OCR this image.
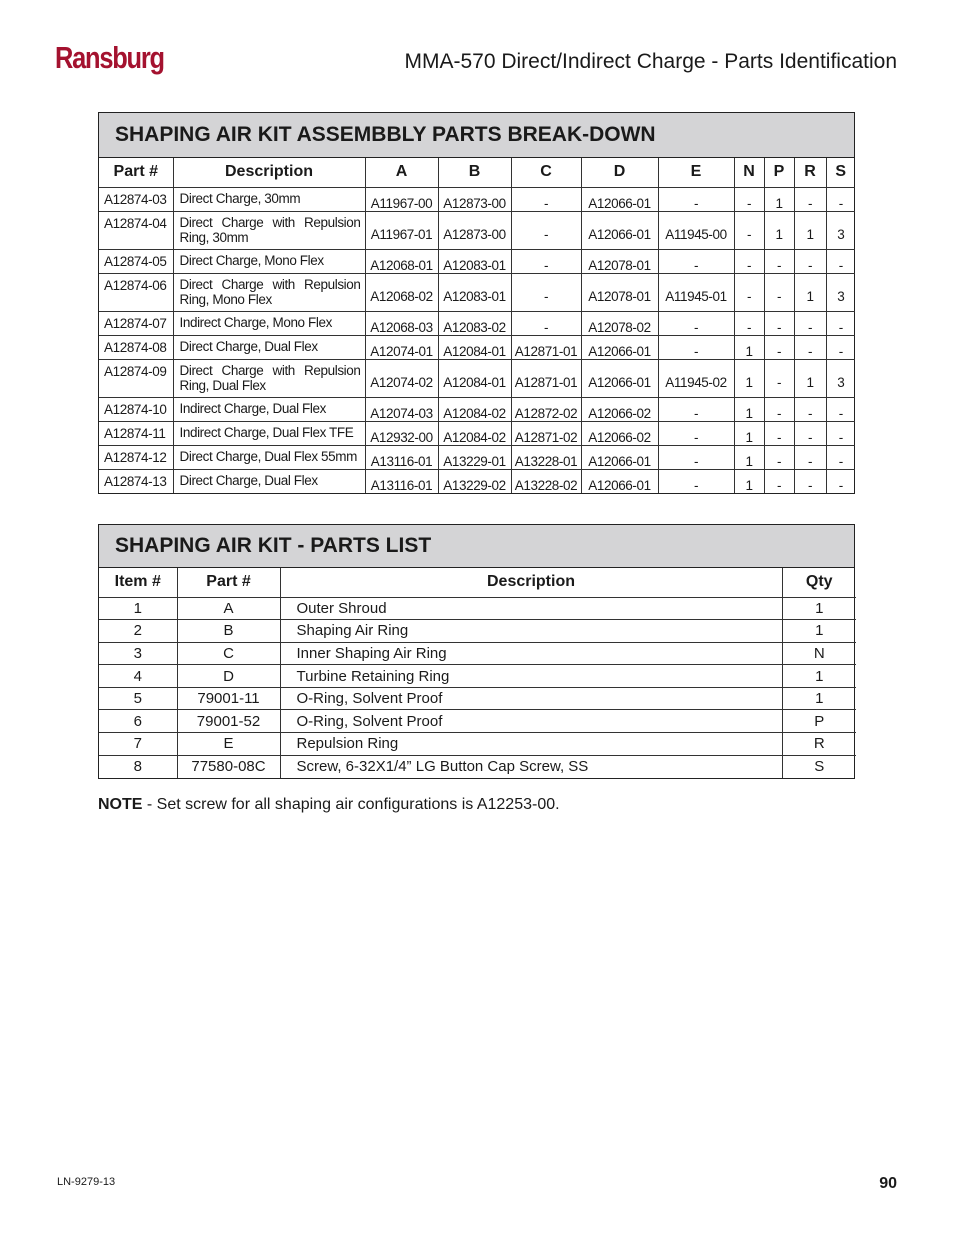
Ransburg	MMA-570 Direct/Indirect Charge - Parts Identification
SHAPING AIR KIT ASSEMBBLY PARTS BREAK-DOWN
Part #	Description	A	B	C	D	E	N	P	R	S
A12874-03	Direct Charge, 30mm	A11967-00	A12873-00	-	A12066-01	-	-	1	-	-
A12874-04	Direct Charge with Repulsion Ring, 30mm	A11967-01	A12873-00	-	A12066-01	A11945-00	-	1	1	3
A12874-05	Direct Charge, Mono Flex	A12068-01	A12083-01	-	A12078-01	-	-	-	-	-
A12874-06	Direct Charge with Repulsion Ring, Mono Flex	A12068-02	A12083-01	-	A12078-01	A11945-01	-	-	1	3
A12874-07	Indirect Charge, Mono Flex	A12068-03	A12083-02	-	A12078-02	-	-	-	-	-
A12874-08	Direct Charge, Dual Flex	A12074-01	A12084-01	A12871-01	A12066-01	-	1	-	-	-
A12874-09	Direct Charge with Repulsion Ring, Dual Flex	A12074-02	A12084-01	A12871-01	A12066-01	A11945-02	1	-	1	3
A12874-10	Indirect Charge, Dual Flex	A12074-03	A12084-02	A12872-02	A12066-02	-	1	-	-	-
A12874-11	Indirect Charge, Dual Flex TFE	A12932-00	A12084-02	A12871-02	A12066-02	-	1	-	-	-
A12874-12	Direct Charge, Dual Flex 55mm	A13116-01	A13229-01	A13228-01	A12066-01	-	1	-	-	-
A12874-13	Direct Charge, Dual Flex	A13116-01	A13229-02	A13228-02	A12066-01	-	1	-	-	-
SHAPING AIR KIT - PARTS LIST
Item #	Part #	Description	Qty
1	A	Outer Shroud	1
2	B	Shaping Air Ring	1
3	C	Inner Shaping Air Ring	N
4	D	Turbine Retaining Ring	1
5	79001-11	O-Ring, Solvent Proof	1
6	79001-52	O-Ring, Solvent Proof	P
7	E	Repulsion Ring	R
8	77580-08C	Screw, 6-32X1/4” LG Button Cap Screw, SS	S
NOTE - Set screw for all shaping air configurations is A12253-00.
LN-9279-13	90
